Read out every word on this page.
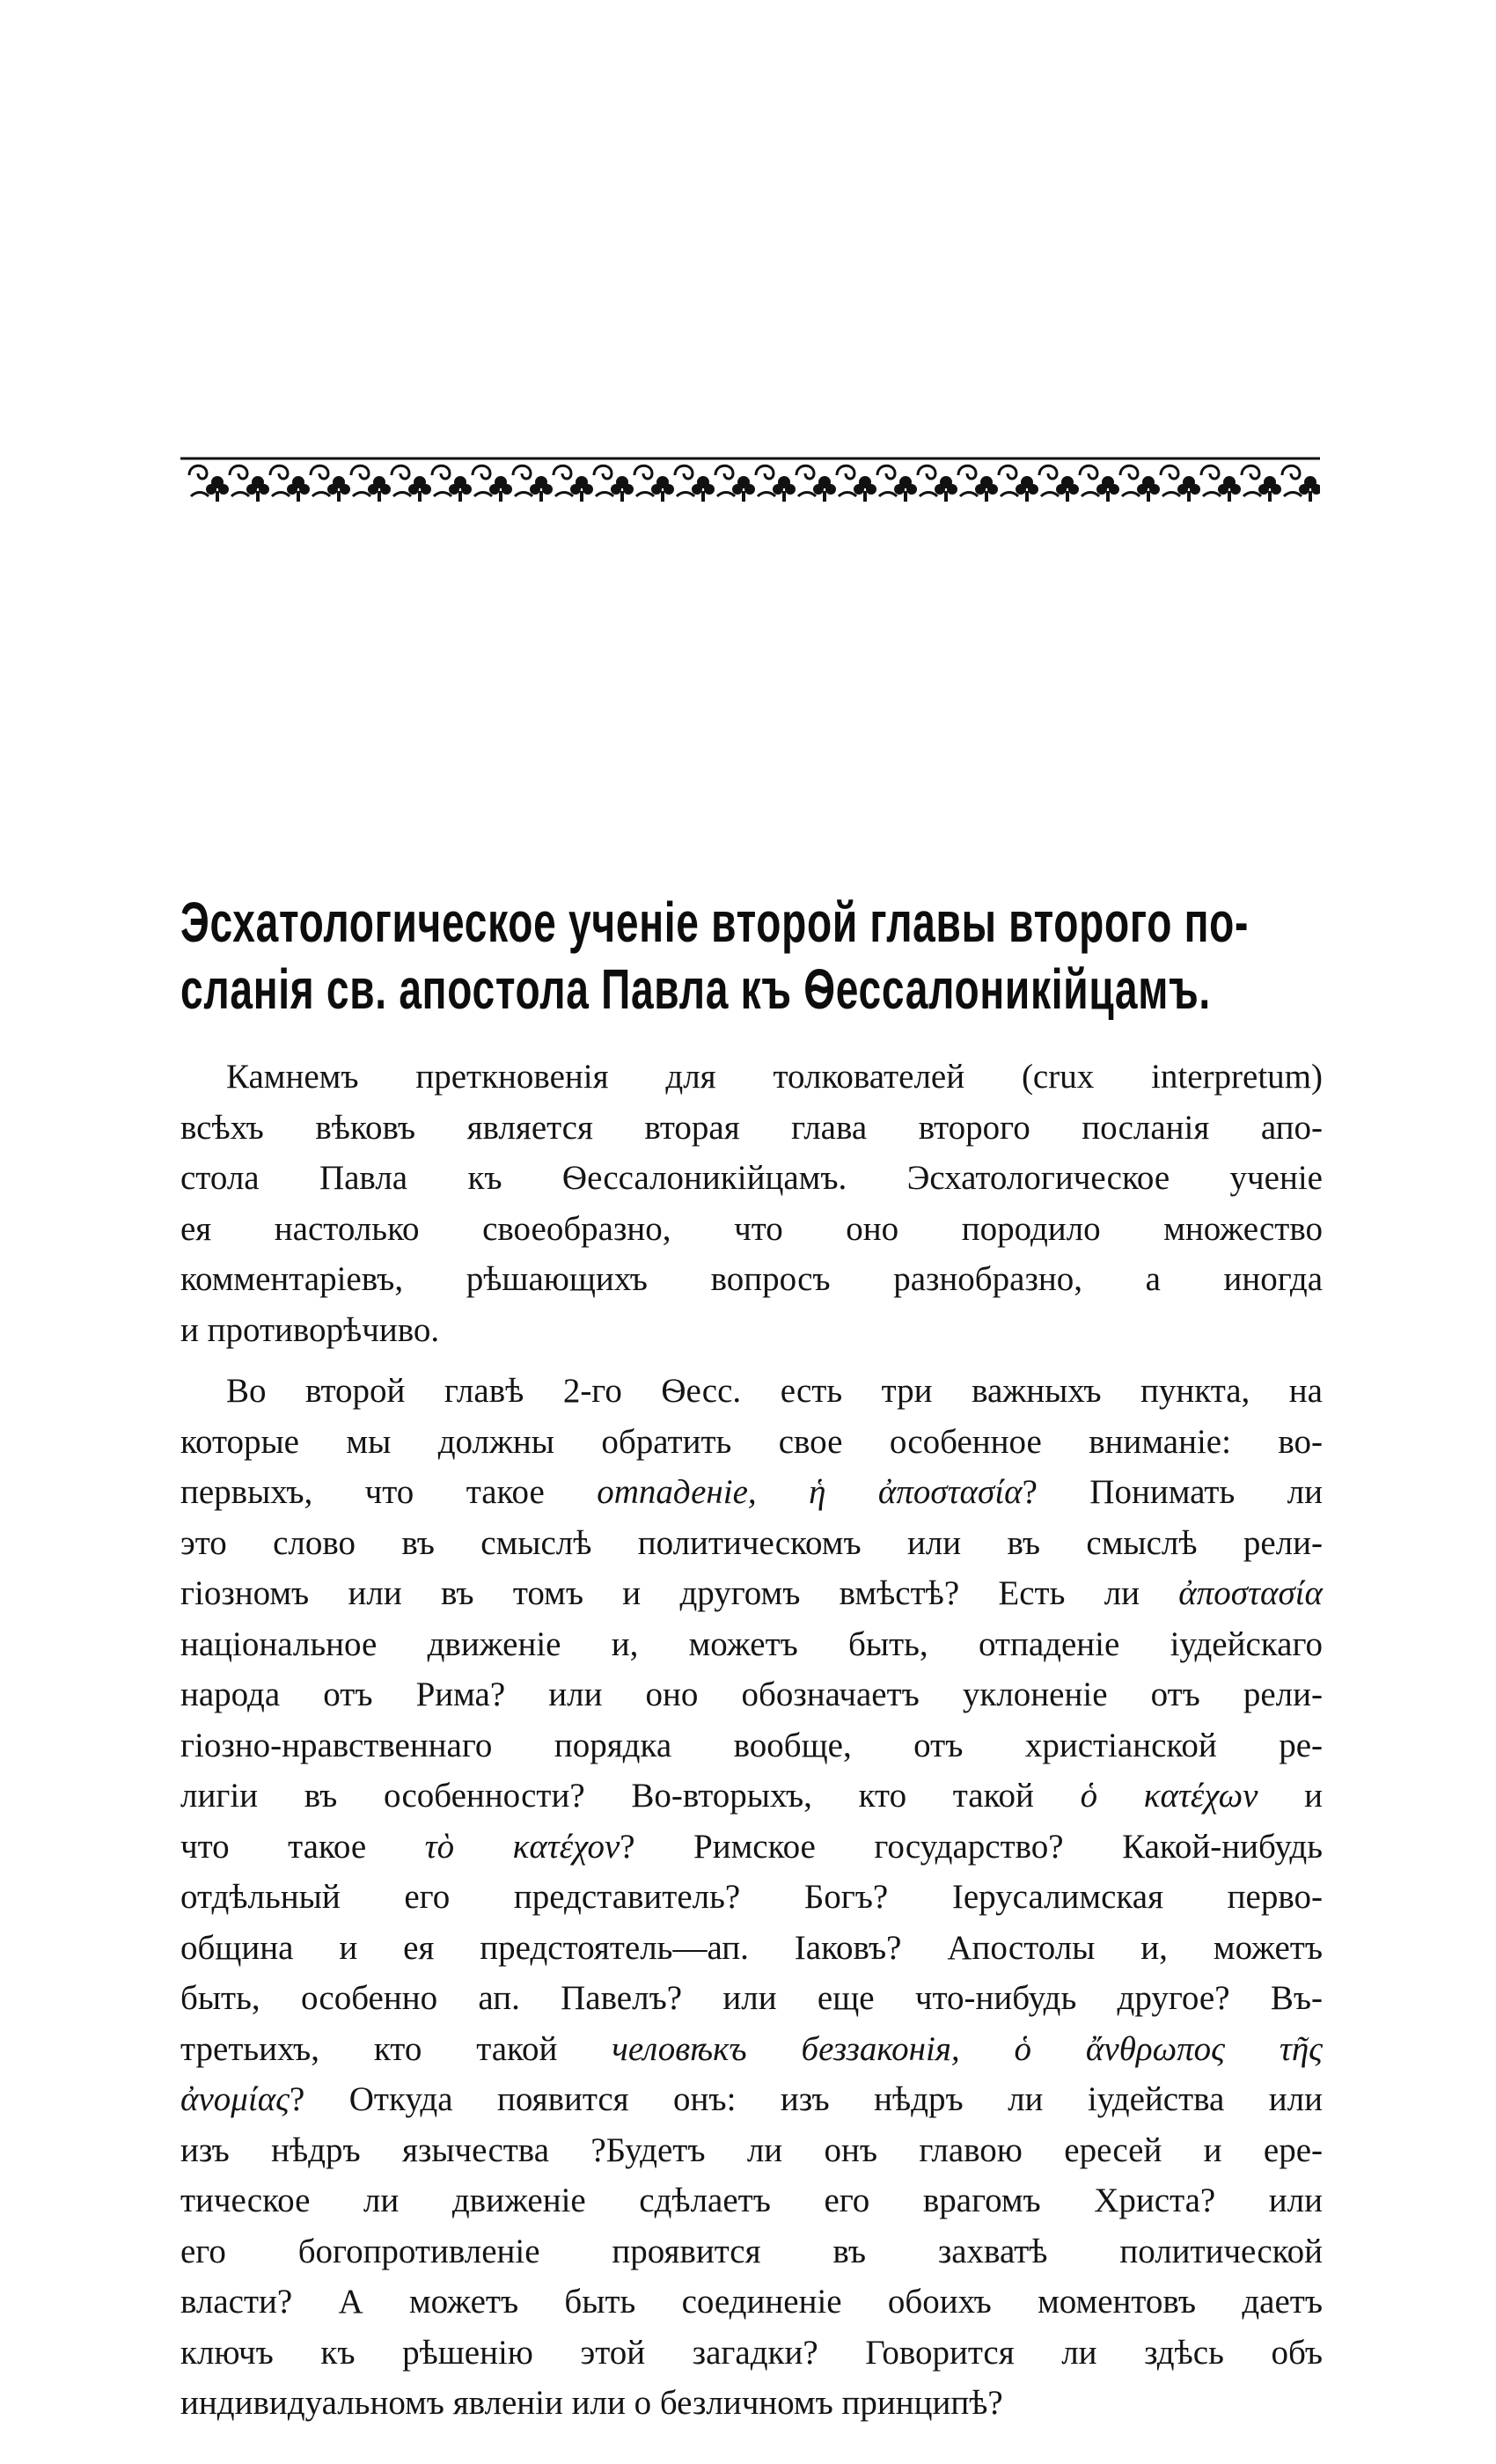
Эсхатологическое ученіе второй главы второго по-
сланія св. апостола Павла къ Ѳессалоникійцамъ.
Камнемъ преткновенія для толкователей (crux interpretum)
всѣхъ вѣковъ является вторая глава второго посланія апо-
стола Павла къ Ѳессалоникійцамъ. Эсхатологическое ученіе
ея настолько своеобразно, что оно породило множество
комментаріевъ, рѣшающихъ вопросъ разнобразно, а иногда
и противорѣчиво.
Во второй главѣ 2-го Ѳесс. есть три важныхъ пункта, на
которые мы должны обратить свое особенное вниманіе: во-
первыхъ, что такое отпаденіе, ἡ ἀποστασία? Понимать ли
это слово въ смыслѣ политическомъ или въ смыслѣ рели-
гіозномъ или въ томъ и другомъ вмѣстѣ? Есть ли ἀποστασία
національное движеніе и, можетъ быть, отпаденіе іудейскаго
народа отъ Рима? или оно обозначаетъ уклоненіе отъ рели-
гіозно-нравственнаго порядка вообще, отъ христіанской ре-
лигіи въ особенности? Во-вторыхъ, кто такой ὁ κατέχων и
что такое τὸ κατέχον? Римское государство? Какой-нибудь
отдѣльный его представитель? Богъ? Іерусалимская перво-
община и ея предстоятель—ап. Іаковъ? Апостолы и, можетъ
быть, особенно ап. Павелъ? или еще что-нибудь другое? Въ-
третьихъ, кто такой человѣкъ беззаконія, ὁ ἄνθρωπος τῆς
ἀνομίας? Откуда появится онъ: изъ нѣдръ ли іудейства или
изъ нѣдръ язычества ?Будетъ ли онъ главою ересей и ере-
тическое ли движеніе сдѣлаетъ его врагомъ Христа? или
его богопротивленіе проявится въ захватѣ политической
власти? А можетъ быть соединеніе обоихъ моментовъ даетъ
ключъ къ рѣшенію этой загадки? Говорится ли здѣсь объ
индивидуальномъ явленіи или о безличномъ принципѣ?
